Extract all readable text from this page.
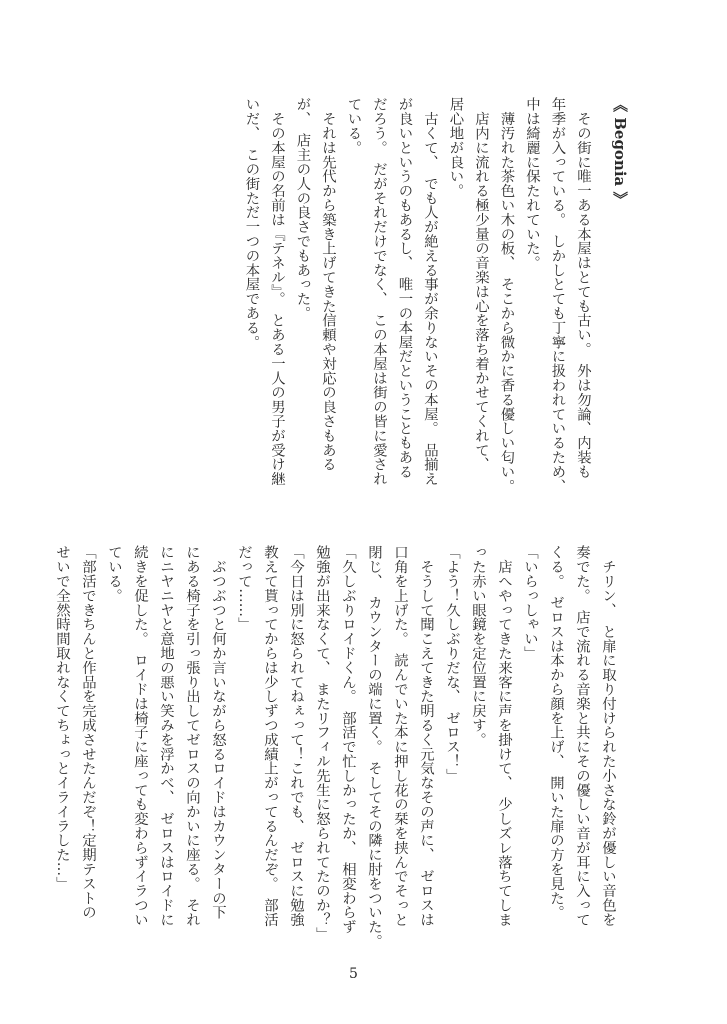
《 Begonia 》
　その街に唯一ある本屋はとても古い。　外は勿論、内装も
年季が入っている。　しかしとても丁寧に扱われているため、
中は綺麗に保たれていた。
　薄汚れた茶色い木の板、　そこから微かに香る優しい匂い。
　店内に流れる極少量の音楽は心を落ち着かせてくれて、
居心地が良い。
　古くて、　でも人が絶える事が余りないその本屋。　品揃え
が良いというのもあるし、　唯一の本屋だということもある
だろう。　だがそれだけでなく、　この本屋は街の皆に愛され
ている。
　それは先代から築き上げてきた信頼や対応の良さもある
が、　店主の人の良さでもあった。
　その本屋の名前は『テネル』。　とある一人の男子が受け継
いだ、　この街ただ一つの本屋である。
　チリン、　と扉に取り付けられた小さな鈴が優しい音色を
奏でた。　店で流れる音楽と共にその優しい音が耳に入って
くる。　ゼロスは本から顔を上げ、　開いた扉の方を見た。
「いらっしゃい」
　店へやってきた来客に声を掛けて、　少しズレ落ちてしま
った赤い眼鏡を定位置に戻す。
「よう！久しぶりだな、　ゼロス！」
　そうして聞こえてきた明るく元気なその声に、　ゼロスは
口角を上げた。　読んでいた本に押し花の栞を挟んでそっと
閉じ、　カウンターの端に置く。　そしてその隣に肘をついた。
「久しぶりロイドくん。　部活で忙しかったか、　相変わらず
勉強が出来なくて、　またリフィル先生に怒られてたのか？」
「今日は別に怒られてねぇって！これでも、　ゼロスに勉強
教えて貰ってからは少しずつ成績上がってるんだぞ。　部活
だって……」
　ぶつぶつと何か言いながら怒るロイドはカウンターの下
にある椅子を引っ張り出してゼロスの向かいに座る。　それ
にニヤニヤと意地の悪い笑みを浮かべ、　ゼロスはロイドに
続きを促した。　ロイドは椅子に座っても変わらずイラつい
ている。
「部活できちんと作品を完成させたんだぞ！定期テストの
せいで全然時間取れなくてちょっとイライラした…」
5
